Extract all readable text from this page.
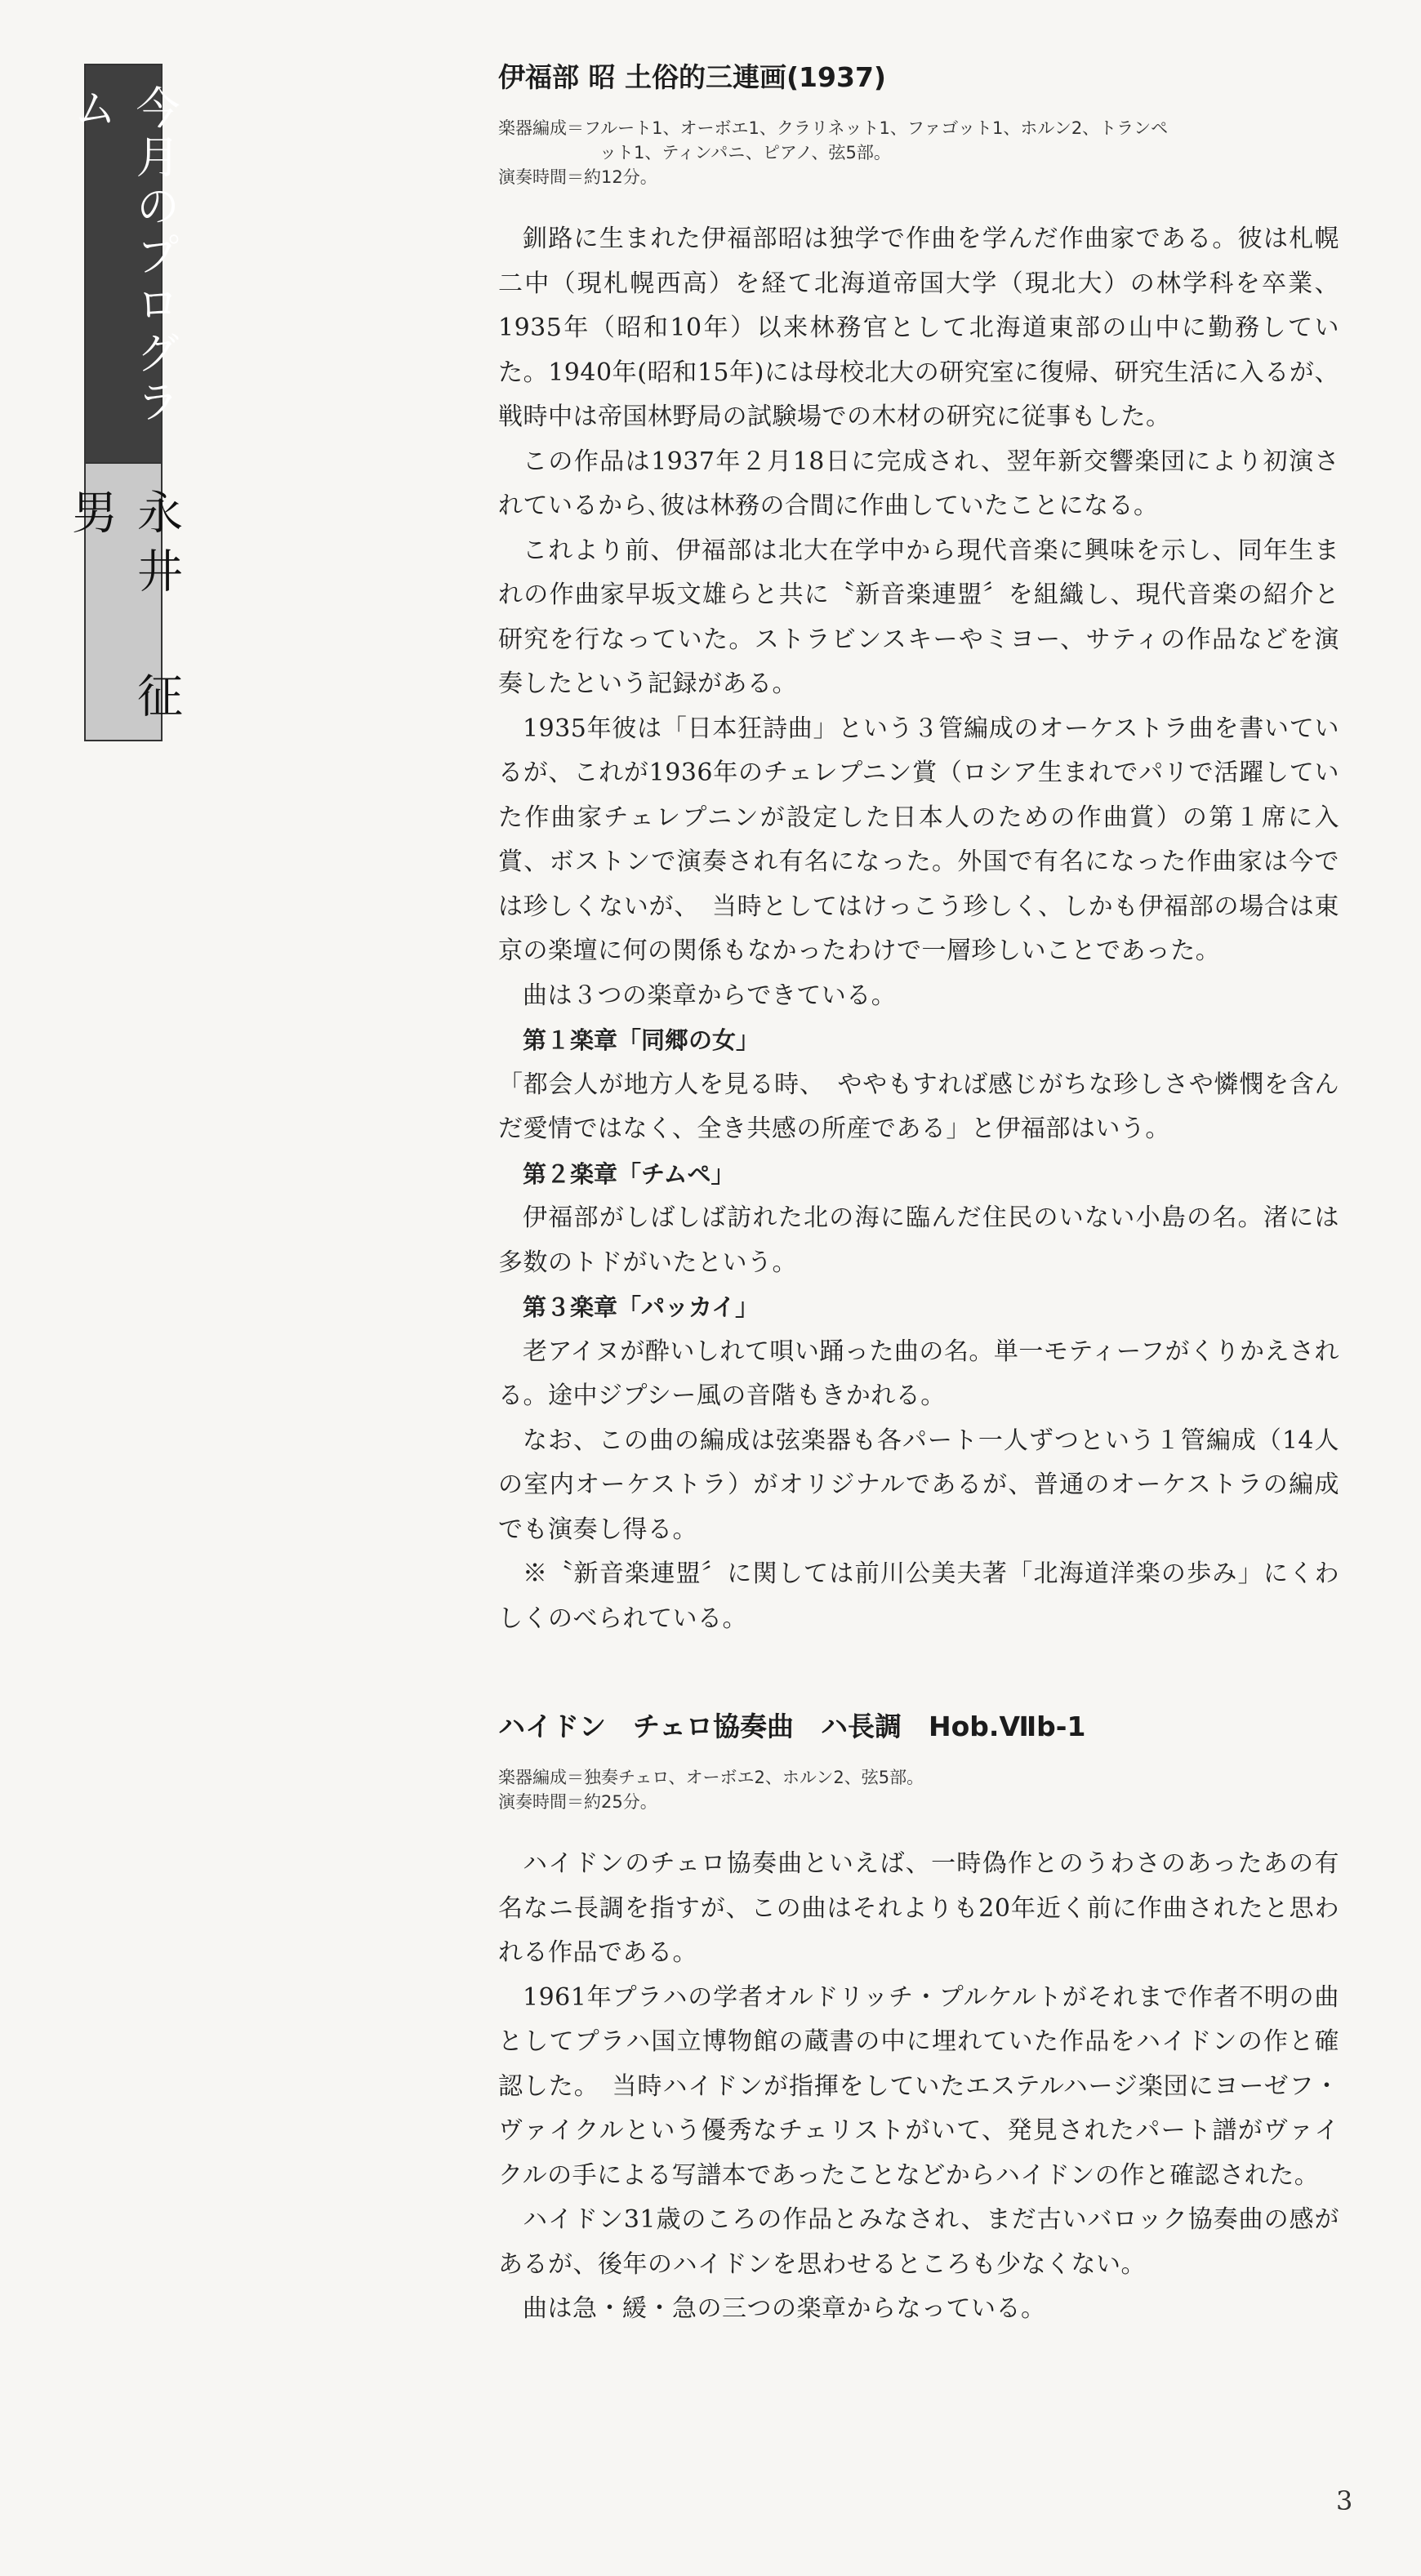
今月のプログラム
永井 征男
伊福部 昭 土俗的三連画(1937)
楽器編成＝フルート1、オーボエ1、クラリネット1、ファゴット1、ホルン2、トランペ
ット1、ティンパニ、ピアノ、弦5部。
演奏時間＝約12分。

釧路に生まれた伊福部昭は独学で作曲を学んだ作曲家である。彼は札幌二中（現札幌西高）を経て北海道帝国大学（現北大）の林学科を卒業、1935年（昭和10年）以来林務官として北海道東部の山中に勤務していた。1940年(昭和15年)には母校北大の研究室に復帰、研究生活に入るが、戦時中は帝国林野局の試験場での木材の研究に従事もした。

この作品は1937年２月18日に完成され、翌年新交響楽団により初演されているから､彼は林務の合間に作曲していたことになる。

これより前、伊福部は北大在学中から現代音楽に興味を示し、同年生まれの作曲家早坂文雄らと共に〝新音楽連盟〞を組織し、現代音楽の紹介と研究を行なっていた。ストラビンスキーやミヨー、サティの作品などを演奏したという記録がある。

1935年彼は「日本狂詩曲」という３管編成のオーケストラ曲を書いているが、これが1936年のチェレプニン賞（ロシア生まれでパリで活躍していた作曲家チェレプニンが設定した日本人のための作曲賞）の第１席に入賞、ボストンで演奏され有名になった。外国で有名になった作曲家は今では珍しくないが、　当時としてはけっこう珍しく、しかも伊福部の場合は東京の楽壇に何の関係もなかったわけで一層珍しいことであった。

曲は３つの楽章からできている。

第１楽章「同郷の女」

「都会人が地方人を見る時、　ややもすれば感じがちな珍しさや憐憫を含んだ愛情ではなく、全き共感の所産である」と伊福部はいう。

第２楽章「チムペ」

伊福部がしばしば訪れた北の海に臨んだ住民のいない小島の名。渚には多数のトドがいたという。

第３楽章「パッカイ」

老アイヌが酔いしれて唄い踊った曲の名。単一モティーフがくりかえされる。途中ジプシー風の音階もきかれる。

なお、この曲の編成は弦楽器も各パート一人ずつという１管編成（14人の室内オーケストラ）がオリジナルであるが、普通のオーケストラの編成でも演奏し得る。

※〝新音楽連盟〞に関しては前川公美夫著「北海道洋楽の歩み」にくわしくのべられている。

ハイドン　チェロ協奏曲　ハ長調　Hob.Ⅶb-1
楽器編成＝独奏チェロ、オーボエ2、ホルン2、弦5部。
演奏時間＝約25分。

ハイドンのチェロ協奏曲といえば、一時偽作とのうわさのあったあの有名なニ長調を指すが、この曲はそれよりも20年近く前に作曲されたと思われる作品である。

1961年プラハの学者オルドリッチ・プルケルトがそれまで作者不明の曲としてプラハ国立博物館の蔵書の中に埋れていた作品をハイドンの作と確認した。　当時ハイドンが指揮をしていたエステルハージ楽団にヨーゼフ・ヴァイクルという優秀なチェリストがいて、発見されたパート譜がヴァイクルの手による写譜本であったことなどからハイドンの作と確認された。

ハイドン31歳のころの作品とみなされ、まだ古いバロック協奏曲の感があるが、後年のハイドンを思わせるところも少なくない。

曲は急・緩・急の三つの楽章からなっている。

3
